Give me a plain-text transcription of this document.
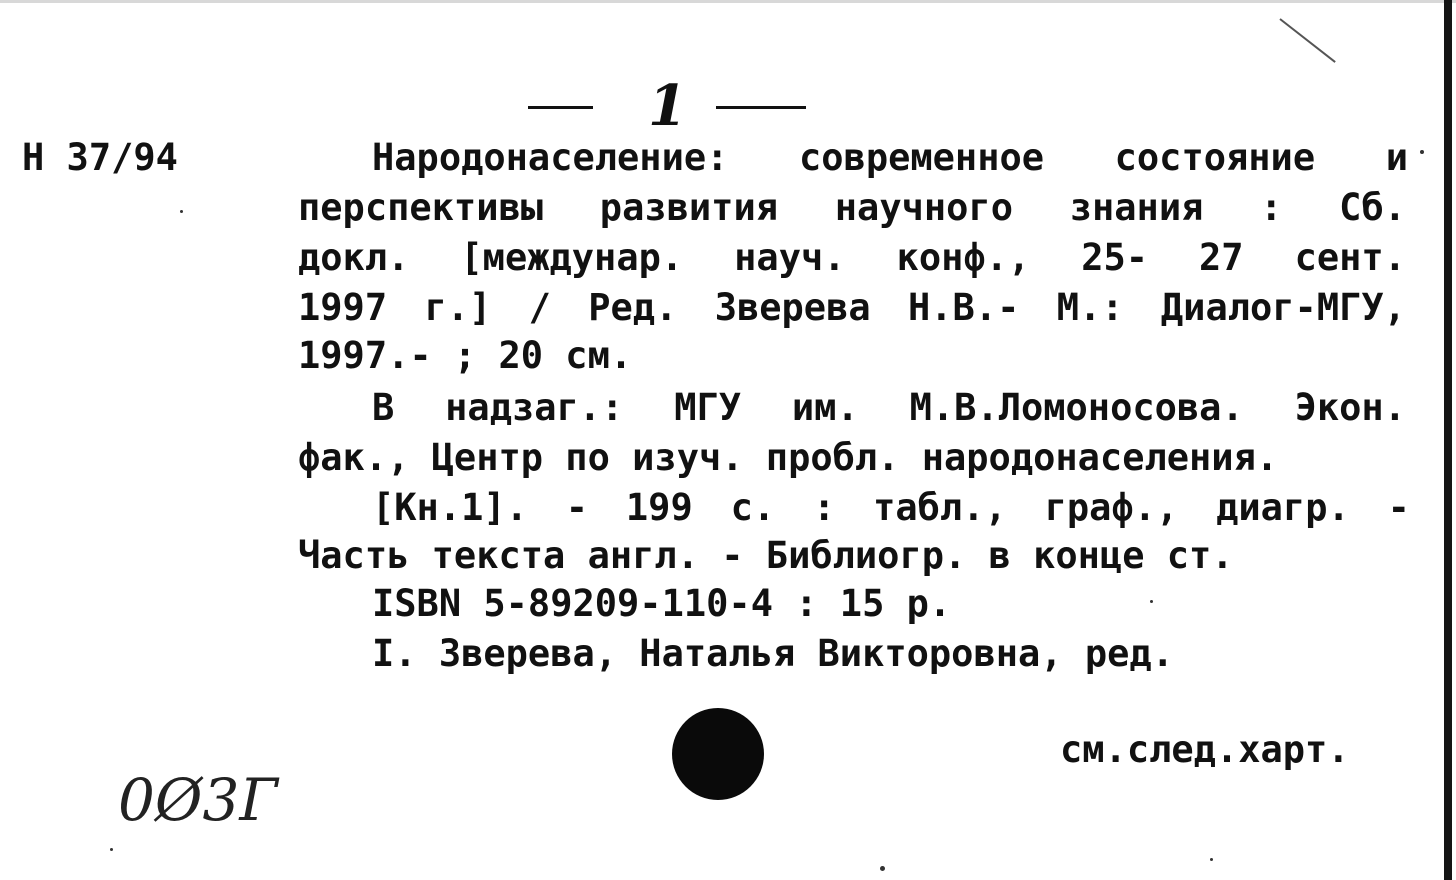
Н 37/94
1
Народонаселение: современное состояние и
перспективы развития научного знания : Сб.
докл. [междунар. науч. конф., 25- 27 сент.
1997 г.] / Ред. Зверева Н.В.- М.: Диалог-МГУ,
1997.- ; 20 см.
В надзаг.: МГУ им. М.В.Ломоносова. Экон.
фак., Центр по изуч. пробл. народонаселения.
[Кн.1]. - 199 с. : табл., граф., диагр. -
Часть текста англ. - Библиогр. в конце ст.
ISBN 5-89209-110-4 : 15 р.
I. Зверева, Наталья Викторовна, ред.
см.след.харт.
0Ø3Г
